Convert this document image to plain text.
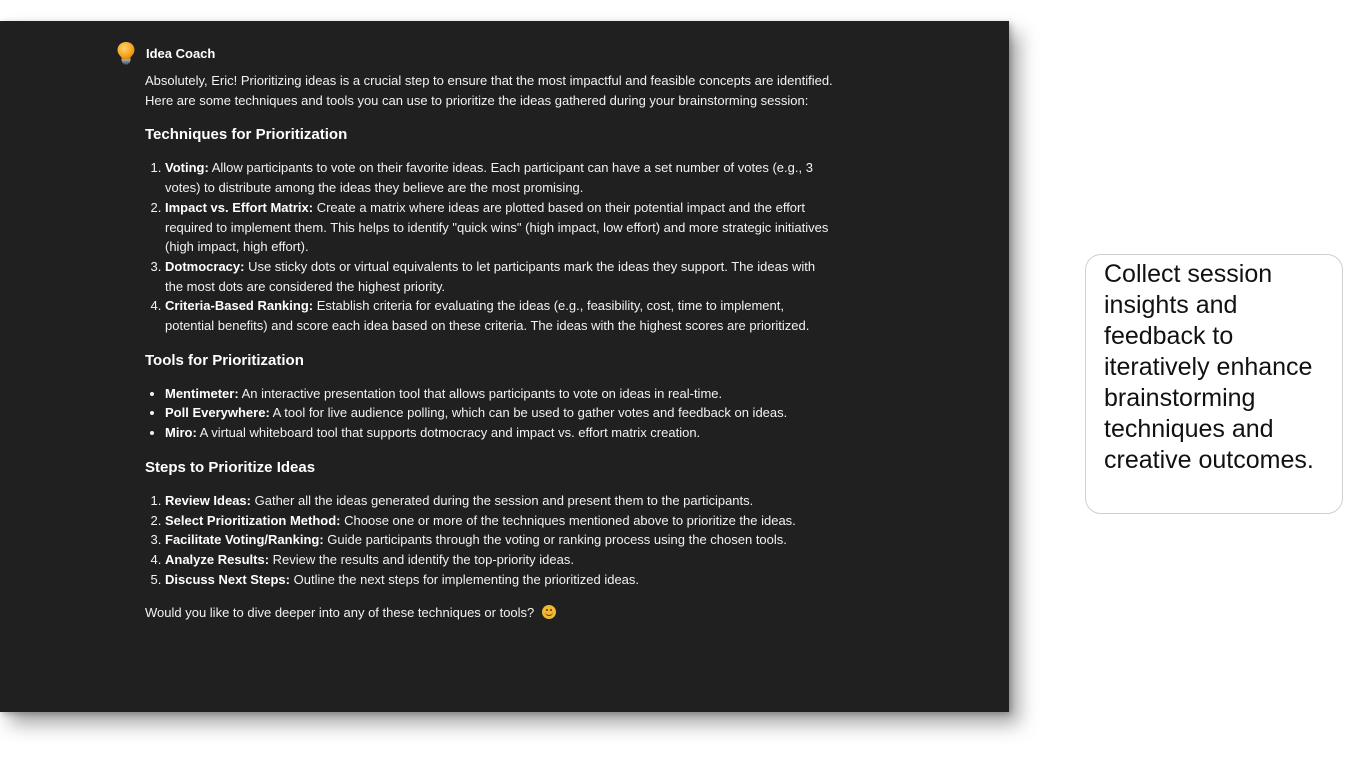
Idea Coach

Absolutely, Eric! Prioritizing ideas is a crucial step to ensure that the most impactful and feasible concepts are identified. Here are some techniques and tools you can use to prioritize the ideas gathered during your brainstorming session:

Techniques for Prioritization
1. Voting: Allow participants to vote on their favorite ideas. Each participant can have a set number of votes (e.g., 3 votes) to distribute among the ideas they believe are the most promising.
2. Impact vs. Effort Matrix: Create a matrix where ideas are plotted based on their potential impact and the effort required to implement them. This helps to identify "quick wins" (high impact, low effort) and more strategic initiatives (high impact, high effort).
3. Dotmocracy: Use sticky dots or virtual equivalents to let participants mark the ideas they support. The ideas with the most dots are considered the highest priority.
4. Criteria-Based Ranking: Establish criteria for evaluating the ideas (e.g., feasibility, cost, time to implement, potential benefits) and score each idea based on these criteria. The ideas with the highest scores are prioritized.
Tools for Prioritization
• Mentimeter: An interactive presentation tool that allows participants to vote on ideas in real-time.
• Poll Everywhere: A tool for live audience polling, which can be used to gather votes and feedback on ideas.
• Miro: A virtual whiteboard tool that supports dotmocracy and impact vs. effort matrix creation.
Steps to Prioritize Ideas
1. Review Ideas: Gather all the ideas generated during the session and present them to the participants.
2. Select Prioritization Method: Choose one or more of the techniques mentioned above to prioritize the ideas.
3. Facilitate Voting/Ranking: Guide participants through the voting or ranking process using the chosen tools.
4. Analyze Results: Review the results and identify the top-priority ideas.
5. Discuss Next Steps: Outline the next steps for implementing the prioritized ideas.

Would you like to dive deeper into any of these techniques or tools?

Collect session insights and feedback to iteratively enhance brainstorming techniques and creative outcomes.
